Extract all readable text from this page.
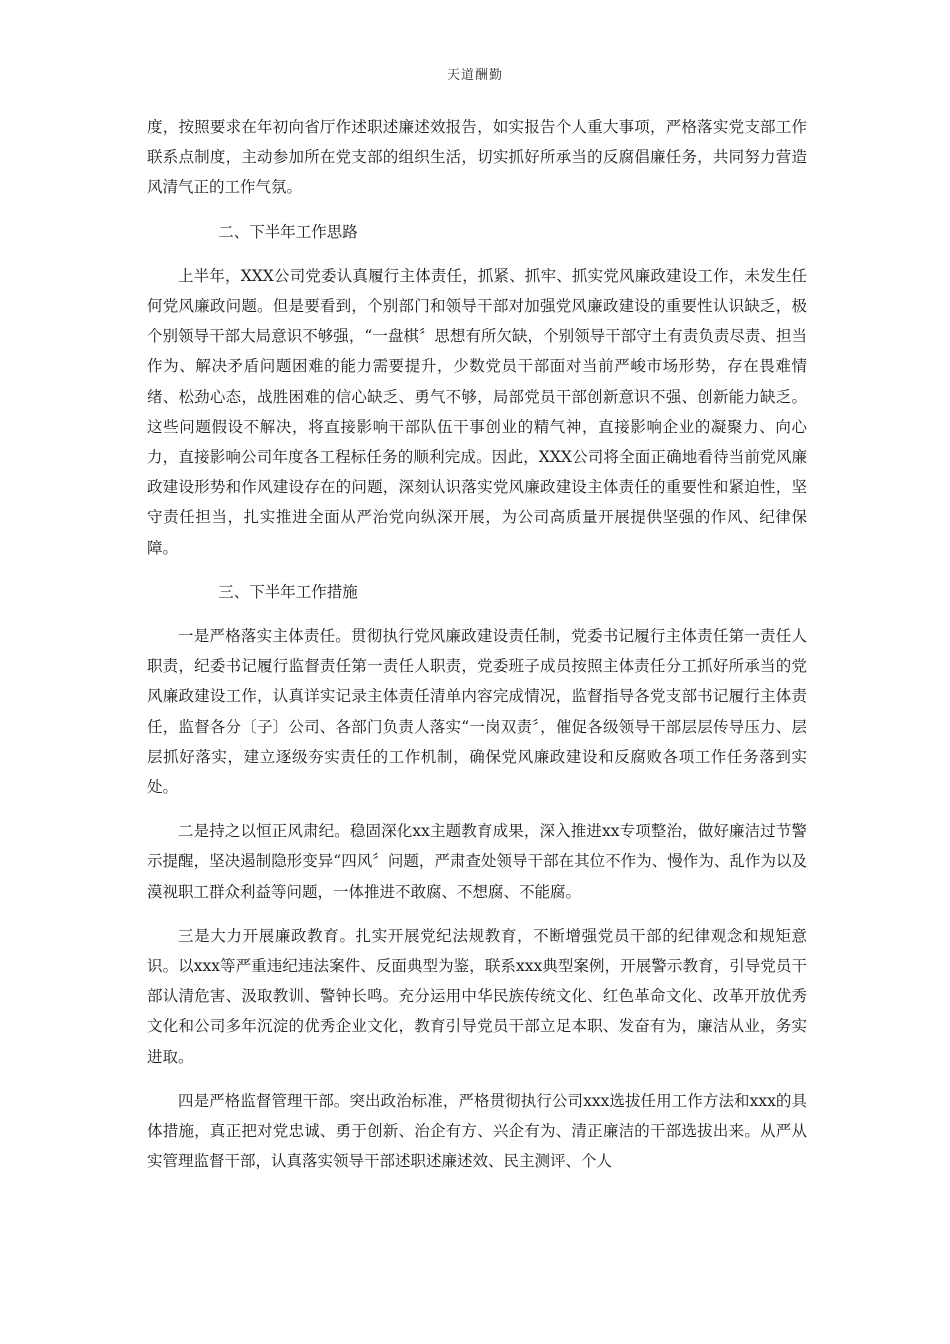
天道酬勤

度，按照要求在年初向省厅作述职述廉述效报告，如实报告个人重大事项，严格落实党支部工作联系点制度，主动参加所在党支部的组织生活，切实抓好所承当的反腐倡廉任务，共同努力营造风清气正的工作气氛。

二、下半年工作思路

上半年，XXX公司党委认真履行主体责任，抓紧、抓牢、抓实党风廉政建设工作，未发生任何党风廉政问题。但是要看到，个别部门和领导干部对加强党风廉政建设的重要性认识缺乏，极个别领导干部大局意识不够强，“一盘棋〞思想有所欠缺，个别领导干部守土有责负责尽责、担当作为、解决矛盾问题困难的能力需要提升，少数党员干部面对当前严峻市场形势，存在畏难情绪、松劲心态，战胜困难的信心缺乏、勇气不够，局部党员干部创新意识不强、创新能力缺乏。这些问题假设不解决，将直接影响干部队伍干事创业的精气神，直接影响企业的凝聚力、向心力，直接影响公司年度各工程标任务的顺利完成。因此，XXX公司将全面正确地看待当前党风廉政建设形势和作风建设存在的问题，深刻认识落实党风廉政建设主体责任的重要性和紧迫性，坚守责任担当，扎实推进全面从严治党向纵深开展，为公司高质量开展提供坚强的作风、纪律保障。

三、下半年工作措施

一是严格落实主体责任。贯彻执行党风廉政建设责任制，党委书记履行主体责任第一责任人职责，纪委书记履行监督责任第一责任人职责，党委班子成员按照主体责任分工抓好所承当的党风廉政建设工作，认真详实记录主体责任清单内容完成情况，监督指导各党支部书记履行主体责任，监督各分〔子〕公司、各部门负责人落实“一岗双责〞，催促各级领导干部层层传导压力、层层抓好落实，建立逐级夯实责任的工作机制，确保党风廉政建设和反腐败各项工作任务落到实处。

二是持之以恒正风肃纪。稳固深化xx主题教育成果，深入推进xx专项整治，做好廉洁过节警示提醒，坚决遏制隐形变异“四风〞问题，严肃查处领导干部在其位不作为、慢作为、乱作为以及漠视职工群众利益等问题，一体推进不敢腐、不想腐、不能腐。

三是大力开展廉政教育。扎实开展党纪法规教育，不断增强党员干部的纪律观念和规矩意识。以xxx等严重违纪违法案件、反面典型为鉴，联系xxx典型案例，开展警示教育，引导党员干部认清危害、汲取教训、警钟长鸣。充分运用中华民族传统文化、红色革命文化、改革开放优秀文化和公司多年沉淀的优秀企业文化，教育引导党员干部立足本职、发奋有为，廉洁从业，务实进取。

四是严格监督管理干部。突出政治标准，严格贯彻执行公司xxx选拔任用工作方法和xxx的具体措施，真正把对党忠诚、勇于创新、治企有方、兴企有为、清正廉洁的干部选拔出来。从严从实管理监督干部，认真落实领导干部述职述廉述效、民主测评、个人
